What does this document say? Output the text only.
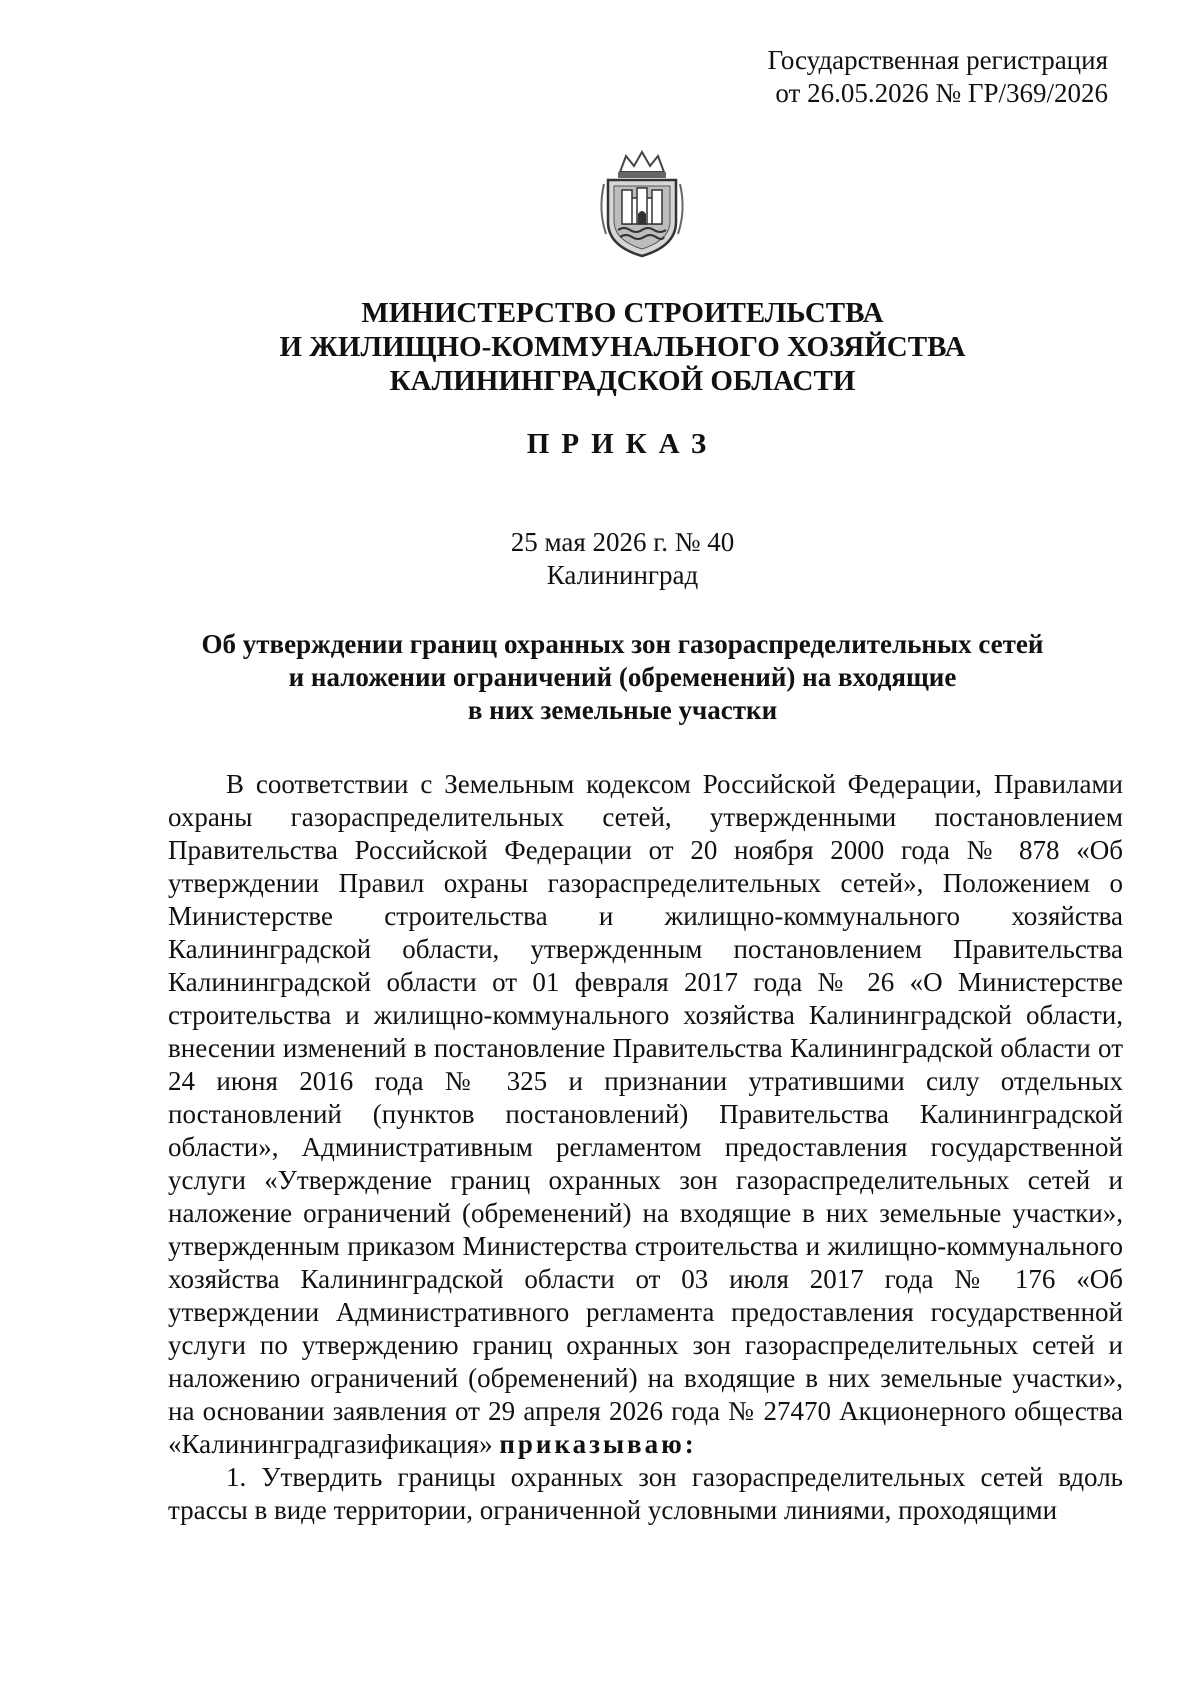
Государственная регистрация
от 26.05.2026 № ГР/369/2026
МИНИСТЕРСТВО СТРОИТЕЛЬСТВА
И ЖИЛИЩНО-КОММУНАЛЬНОГО ХОЗЯЙСТВА
КАЛИНИНГРАДСКОЙ ОБЛАСТИ
ПРИКАЗ
25 мая 2026 г. № 40
Калининград
Об утверждении границ охранных зон газораспределительных сетей
и наложении ограничений (обременений) на входящие
в них земельные участки

В соответствии с Земельным кодексом Российской Федерации, Правилами охраны газораспределительных сетей, утвержденными постановлением Правительства Российской Федерации от 20 ноября 2000 года № 878 «Об утверждении Правил охраны газораспределительных сетей», Положением о Министерстве строительства и жилищно-коммунального хозяйства Калининградской области, утвержденным постановлением Правительства Калининградской области от 01 февраля 2017 года № 26 «О Министерстве строительства и жилищно-коммунального хозяйства Калининградской области, внесении изменений в постановление Правительства Калининградской области от 24 июня 2016 года № 325 и признании утратившими силу отдельных постановлений (пунктов постановлений) Правительства Калининградской области», Административным регламентом предоставления государственной услуги «Утверждение границ охранных зон газораспределительных сетей и наложение ограничений (обременений) на входящие в них земельные участки», утвержденным приказом Министерства строительства и жилищно-коммунального хозяйства Калининградской области от 03 июля 2017 года № 176 «Об утверждении Административного регламента предоставления государственной услуги по утверждению границ охранных зон газораспределительных сетей и наложению ограничений (обременений) на входящие в них земельные участки», на основании заявления от 29 апреля 2026 года № 27470 Акционерного общества «Калининградгазификация» приказываю:

1. Утвердить границы охранных зон газораспределительных сетей вдоль трассы в виде территории, ограниченной условными линиями, проходящими
